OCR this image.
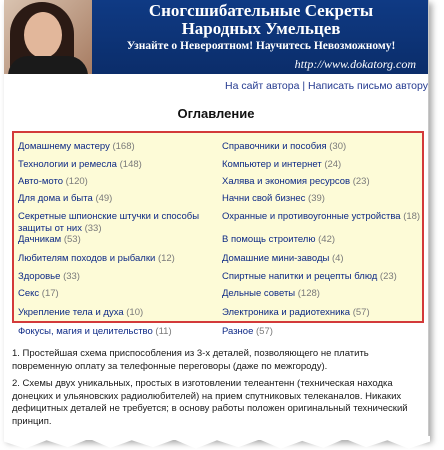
Сногсшибательные Секреты
Народных Умельцев
Узнайте о Невероятном! Научитесь Невозможному!
http://www.dokatorg.com
На сайт автора | Написать письмо автору
Оглавление
Домашнему мастеру (168)
Технологии и ремесла (148)
Авто-мото (120)
Для дома и быта (49)
Секретные шпионские штучки и способы защиты от них (33)
Дачникам (53)
Любителям походов и рыбалки (12)
Здоровье (33)
Секс (17)
Укрепление тела и духа (10)
Фокусы, магия и целительство (11)
Справочники и пособия (30)
Компьютер и интернет (24)
Халява и экономия ресурсов (23)
Начни свой бизнес (39)
Охранные и противоугонные устройства (18)
В помощь строителю (42)
Домашние мини-заводы (4)
Спиртные напитки и рецепты блюд (23)
Дельные советы (128)
Электроника и радиотехника (57)
Разное (57)
1. Простейшая схема приспособления из 3-х деталей, позволяющего не платить повременную оплату за телефонные переговоры (даже по межгороду).
2. Схемы двух уникальных, простых в изготовлении телеантенн (техническая находка донецких и ульяновских радиолюбителей) на прием спутниковых телеканалов. Никаких дефицитных деталей не требуется; в основу работы положен оригинальный технический принцип.
